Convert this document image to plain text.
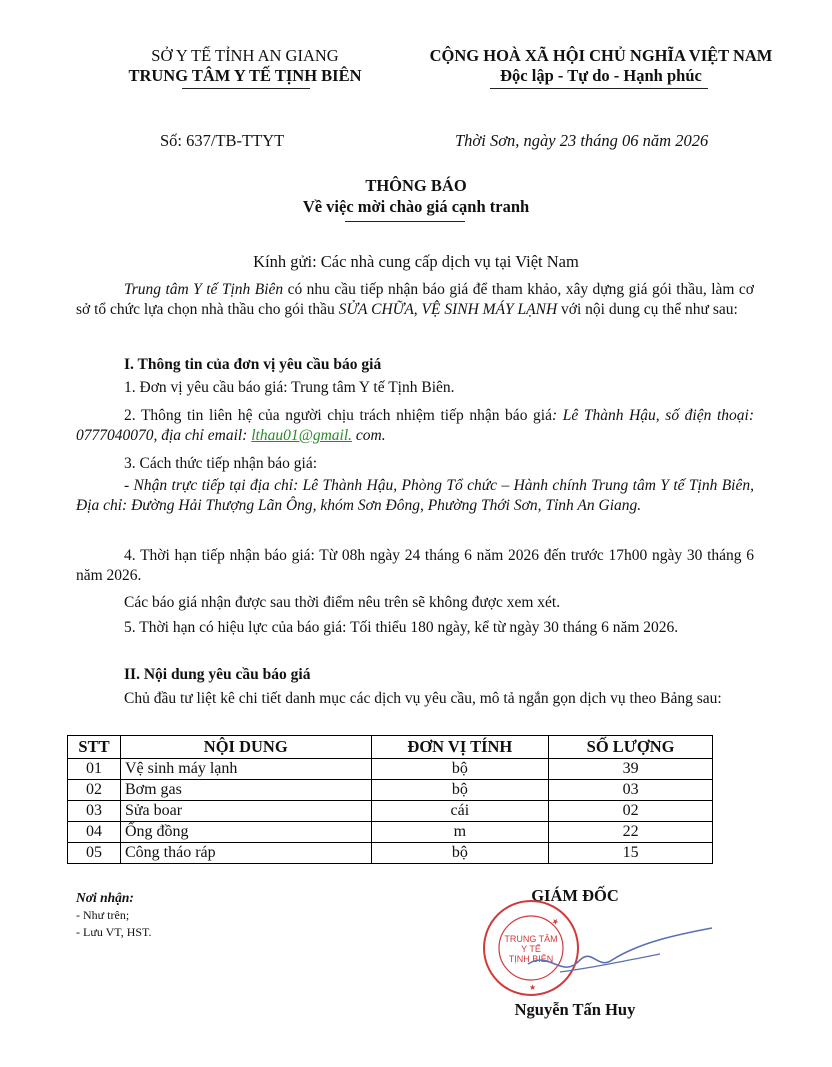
SỞ Y TẾ TỈNH AN GIANG
TRUNG TÂM Y TẾ TỊNH BIÊN
CỘNG HOÀ XÃ HỘI CHỦ NGHĨA VIỆT NAM
Độc lập - Tự do - Hạnh phúc
Số: 637/TB-TTYT	Thời Sơn, ngày 23 tháng 06 năm 2026
THÔNG BÁO
Về việc mời chào giá cạnh tranh
Kính gửi: Các nhà cung cấp dịch vụ tại Việt Nam
Trung tâm Y tế Tịnh Biên có nhu cầu tiếp nhận báo giá để tham khảo, xây dựng giá gói thầu, làm cơ sở tổ chức lựa chọn nhà thầu cho gói thầu SỬA CHỮA, VỆ SINH MÁY LẠNH với nội dung cụ thể như sau:
I. Thông tin của đơn vị yêu cầu báo giá
1. Đơn vị yêu cầu báo giá: Trung tâm Y tế Tịnh Biên.
2. Thông tin liên hệ của người chịu trách nhiệm tiếp nhận báo giá: Lê Thành Hậu, số điện thoại: 0777040070, địa chỉ email: lthau01@gmail. com.
3. Cách thức tiếp nhận báo giá:
- Nhận trực tiếp tại địa chỉ: Lê Thành Hậu, Phòng Tổ chức – Hành chính Trung tâm Y tế Tịnh Biên, Địa chỉ: Đường Hải Thượng Lãn Ông, khóm Sơn Đông, Phường Thới Sơn, Tỉnh An Giang.
4. Thời hạn tiếp nhận báo giá: Từ 08h ngày 24 tháng 6 năm 2026 đến trước 17h00 ngày 30 tháng 6 năm 2026.
Các báo giá nhận được sau thời điểm nêu trên sẽ không được xem xét.
5. Thời hạn có hiệu lực của báo giá: Tối thiểu 180 ngày, kể từ ngày 30 tháng 6 năm 2026.
II. Nội dung yêu cầu báo giá
Chủ đầu tư liệt kê chi tiết danh mục các dịch vụ yêu cầu, mô tả ngắn gọn dịch vụ theo Bảng sau:
STT	NỘI DUNG	ĐƠN VỊ TÍNH	SỐ LƯỢNG
01	Vệ sinh máy lạnh	bộ	39
02	Bơm gas	bộ	03
03	Sửa boar	cái	02
04	Ống đồng	m	22
05	Công tháo ráp	bộ	15
Nơi nhận:
- Như trên;
- Lưu VT, HST.
GIÁM ĐỐC
★
★
TRUNG TÂM
Y TẾ
TỊNH BIÊN
Nguyễn Tấn Huy
